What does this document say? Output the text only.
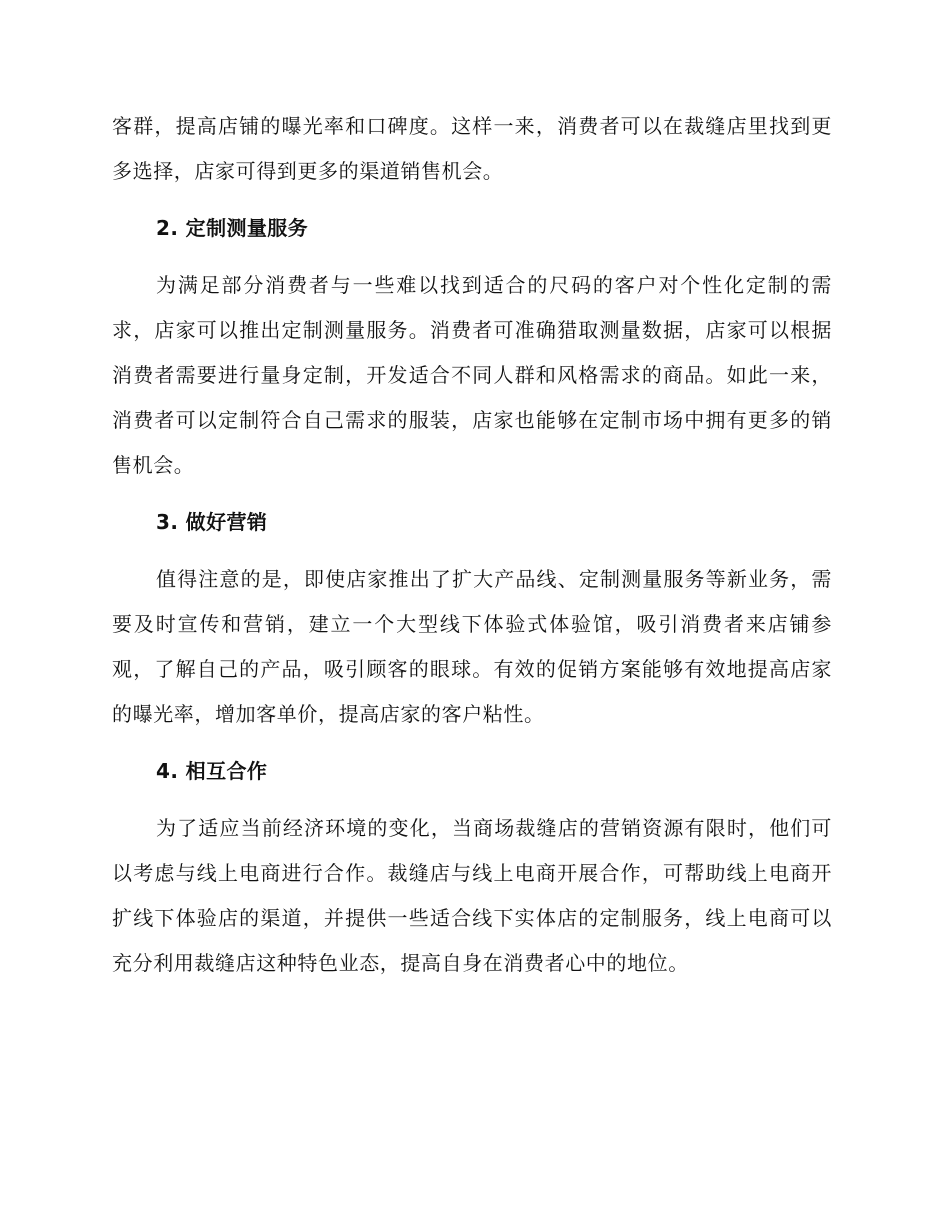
客群，提高店铺的曝光率和口碑度。这样一来，消费者可以在裁缝店里找到更多选择，店家可得到更多的渠道销售机会。

2. 定制测量服务

为满足部分消费者与一些难以找到适合的尺码的客户对个性化定制的需求，店家可以推出定制测量服务。消费者可准确猎取测量数据，店家可以根据消费者需要进行量身定制，开发适合不同人群和风格需求的商品。如此一来，消费者可以定制符合自己需求的服装，店家也能够在定制市场中拥有更多的销售机会。

3. 做好营销

值得注意的是，即使店家推出了扩大产品线、定制测量服务等新业务，需要及时宣传和营销，建立一个大型线下体验式体验馆，吸引消费者来店铺参观，了解自己的产品，吸引顾客的眼球。有效的促销方案能够有效地提高店家的曝光率，增加客单价，提高店家的客户粘性。

4. 相互合作

为了适应当前经济环境的变化，当商场裁缝店的营销资源有限时，他们可以考虑与线上电商进行合作。裁缝店与线上电商开展合作，可帮助线上电商开扩线下体验店的渠道，并提供一些适合线下实体店的定制服务，线上电商可以充分利用裁缝店这种特色业态，提高自身在消费者心中的地位。
